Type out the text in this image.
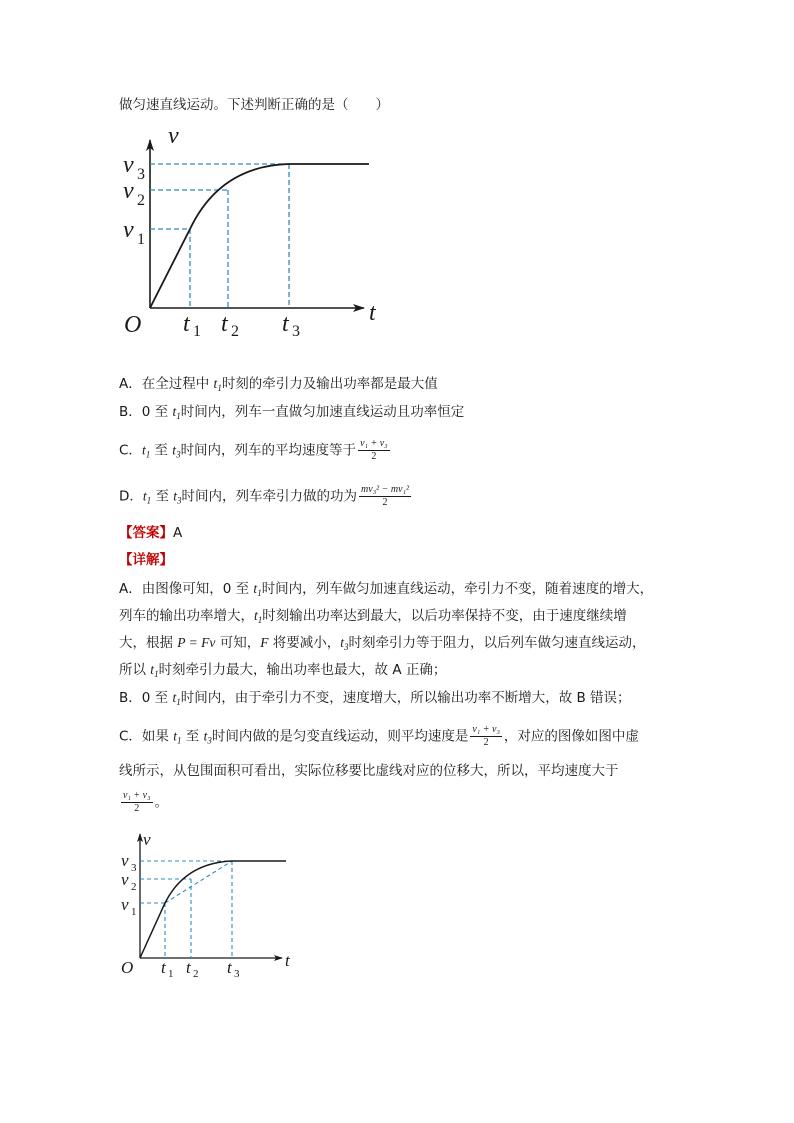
做匀速直线运动。下述判断正确的是（　　）
v
t
O
v 3
v 2
v 1
t 1 t 2 t 3
A．在全过程中 $t_1$时刻的牵引力及输出功率都是最大值
B．0 至 $t_1$时间内，列车一直做匀加速直线运动且功率恒定
C．$t_1$ 至 $t_3$时间内，列车的平均速度等于 $\frac{\text{v₁ + v₃}}{2}$
D．$t_1$ 至 $t_3$时间内，列车牵引力做的功为 $\frac{\text{mv₃² − mv₁²}}{2}$
【答案】A
【详解】
A．由图像可知，0 至 $t_1$时间内，列车做匀加速直线运动，牵引力不变，随着速度的增大，
列车的输出功率增大，$t_1$时刻输出功率达到最大，以后功率保持不变，由于速度继续增
大，根据 P = Fv 可知，F 将要减小，$t_3$时刻牵引力等于阻力，以后列车做匀速直线运动，
所以 $t_1$时刻牵引力最大，输出功率也最大，故 A 正确；
B．0 至 $t_1$时间内，由于牵引力不变，速度增大，所以输出功率不断增大，故 B 错误；
C．如果 $t_1$ 至 $t_3$时间内做的是匀变直线运动，则平均速度是 $\frac{\text{v₁ + v₃}}{2}$ ，对应的图像如图中虚
线所示，从包围面积可看出，实际位移要比虚线对应的位移大，所以，平均速度大于
$\frac{\text{v₁ + v₃}}{2}$ 。
v
t
O
v 3
v 2
v 1
t 1 t 2 t 3
